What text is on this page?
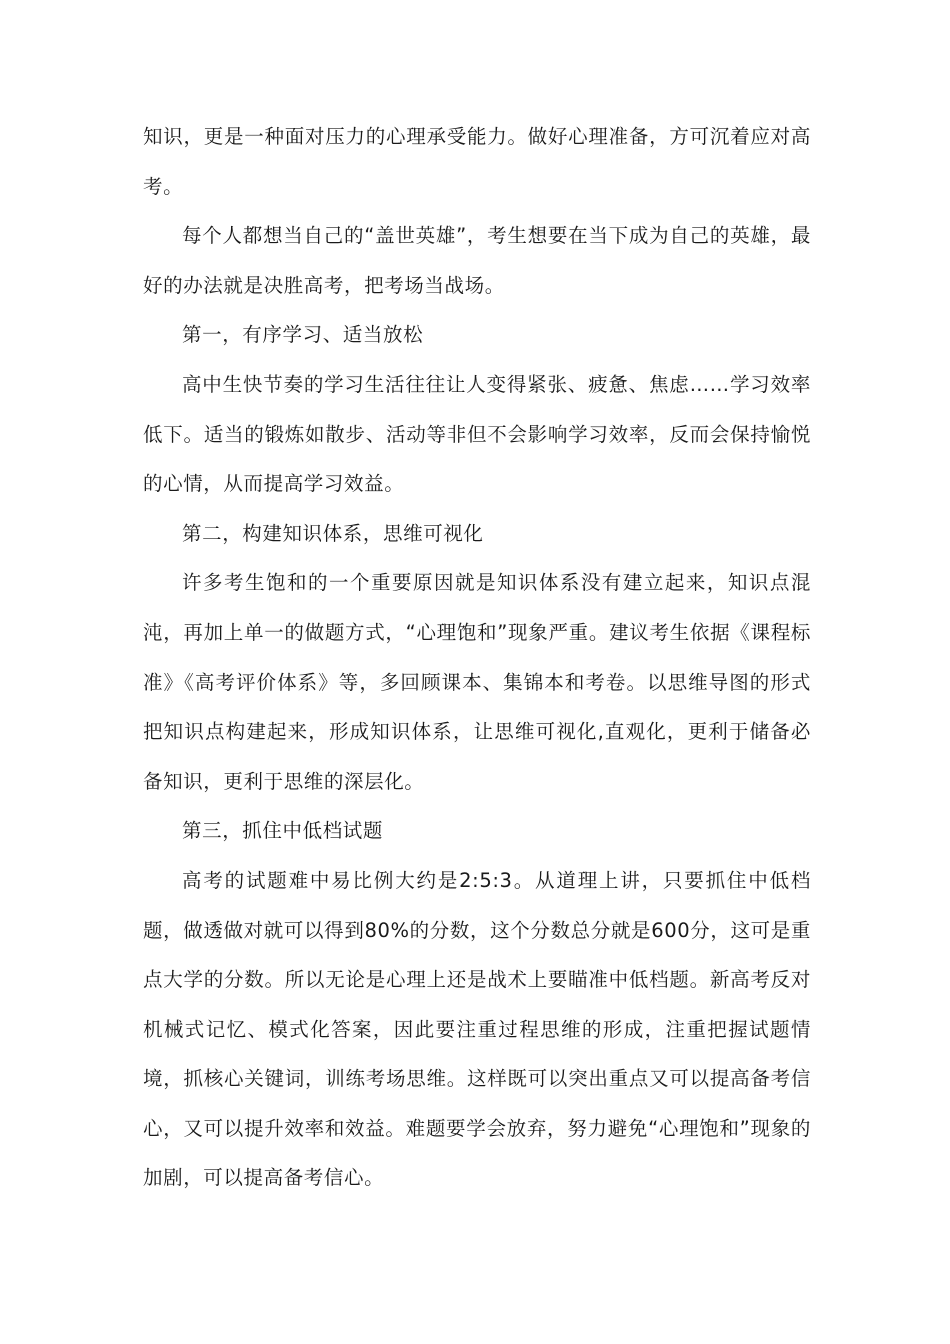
知识，更是一种面对压力的心理承受能力。做好心理准备，方可沉着应对高考。

每个人都想当自己的“盖世英雄”，考生想要在当下成为自己的英雄，最好的办法就是决胜高考，把考场当战场。

第一，有序学习、适当放松

高中生快节奏的学习生活往往让人变得紧张、疲惫、焦虑……学习效率低下。适当的锻炼如散步、活动等非但不会影响学习效率，反而会保持愉悦的心情，从而提高学习效益。

第二，构建知识体系，思维可视化

许多考生饱和的一个重要原因就是知识体系没有建立起来，知识点混沌，再加上单一的做题方式，“心理饱和”现象严重。建议考生依据《课程标准》《高考评价体系》等，多回顾课本、集锦本和考卷。以思维导图的形式把知识点构建起来，形成知识体系，让思维可视化,直观化，更利于储备必备知识，更利于思维的深层化。

第三，抓住中低档试题

高考的试题难中易比例大约是2:5:3。从道理上讲，只要抓住中低档题，做透做对就可以得到80%的分数，这个分数总分就是600分，这可是重点大学的分数。所以无论是心理上还是战术上要瞄准中低档题。新高考反对机械式记忆、模式化答案，因此要注重过程思维的形成，注重把握试题情境，抓核心关键词，训练考场思维。这样既可以突出重点又可以提高备考信心，又可以提升效率和效益。难题要学会放弃，努力避免“心理饱和”现象的加剧，可以提高备考信心。
